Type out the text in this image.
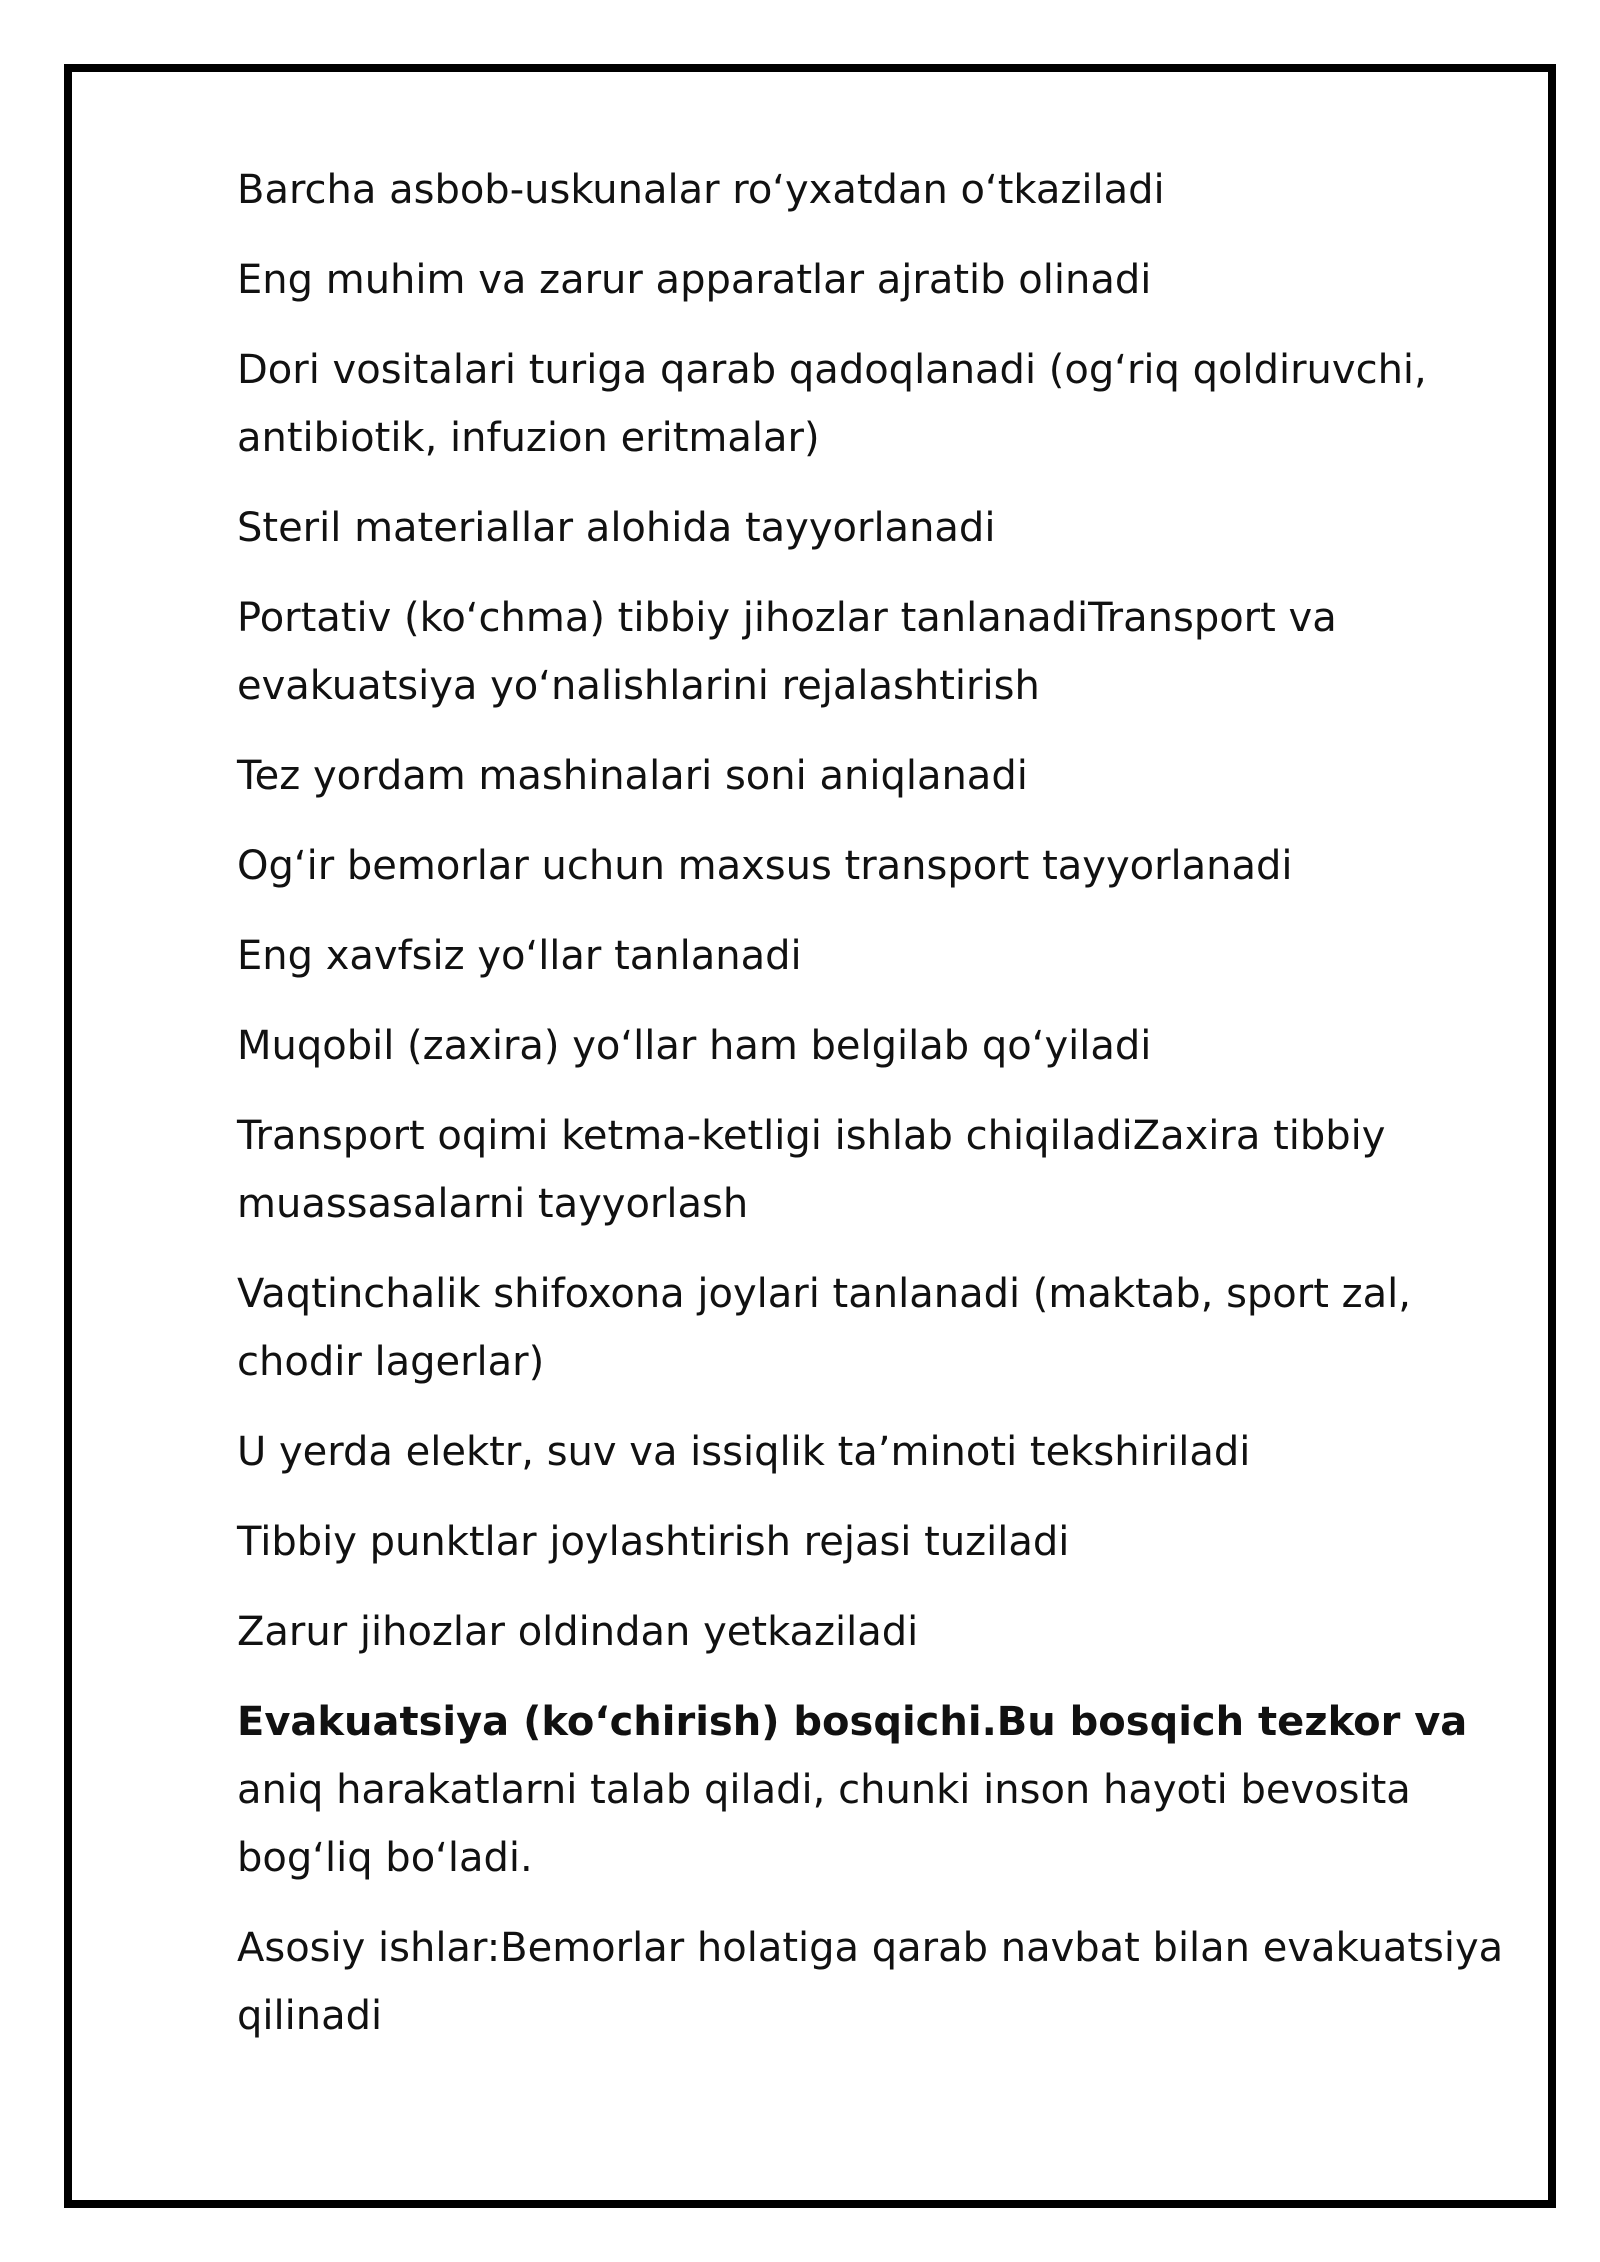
Barcha asbob-uskunalar roʻyxatdan oʻtkaziladi

Eng muhim va zarur apparatlar ajratib olinadi

Dori vositalari turiga qarab qadoqlanadi (ogʻriq qoldiruvchi, antibiotik, infuzion eritmalar)

Steril materiallar alohida tayyorlanadi

Portativ (koʻchma) tibbiy jihozlar tanlanadiTransport va evakuatsiya yoʻnalishlarini rejalashtirish

Tez yordam mashinalari soni aniqlanadi

Ogʻir bemorlar uchun maxsus transport tayyorlanadi

Eng xavfsiz yoʻllar tanlanadi

Muqobil (zaxira) yoʻllar ham belgilab qoʻyiladi

Transport oqimi ketma-ketligi ishlab chiqiladiZaxira tibbiy muassasalarni tayyorlash

Vaqtinchalik shifoxona joylari tanlanadi (maktab, sport zal, chodir lagerlar)

U yerda elektr, suv va issiqlik ta’minoti tekshiriladi

Tibbiy punktlar joylashtirish rejasi tuziladi

Zarur jihozlar oldindan yetkaziladi

Evakuatsiya (koʻchirish) bosqichi.Bu bosqich tezkor va aniq harakatlarni talab qiladi, chunki inson hayoti bevosita bogʻliq boʻladi.

Asosiy ishlar:Bemorlar holatiga qarab navbat bilan evakuatsiya qilinadi
